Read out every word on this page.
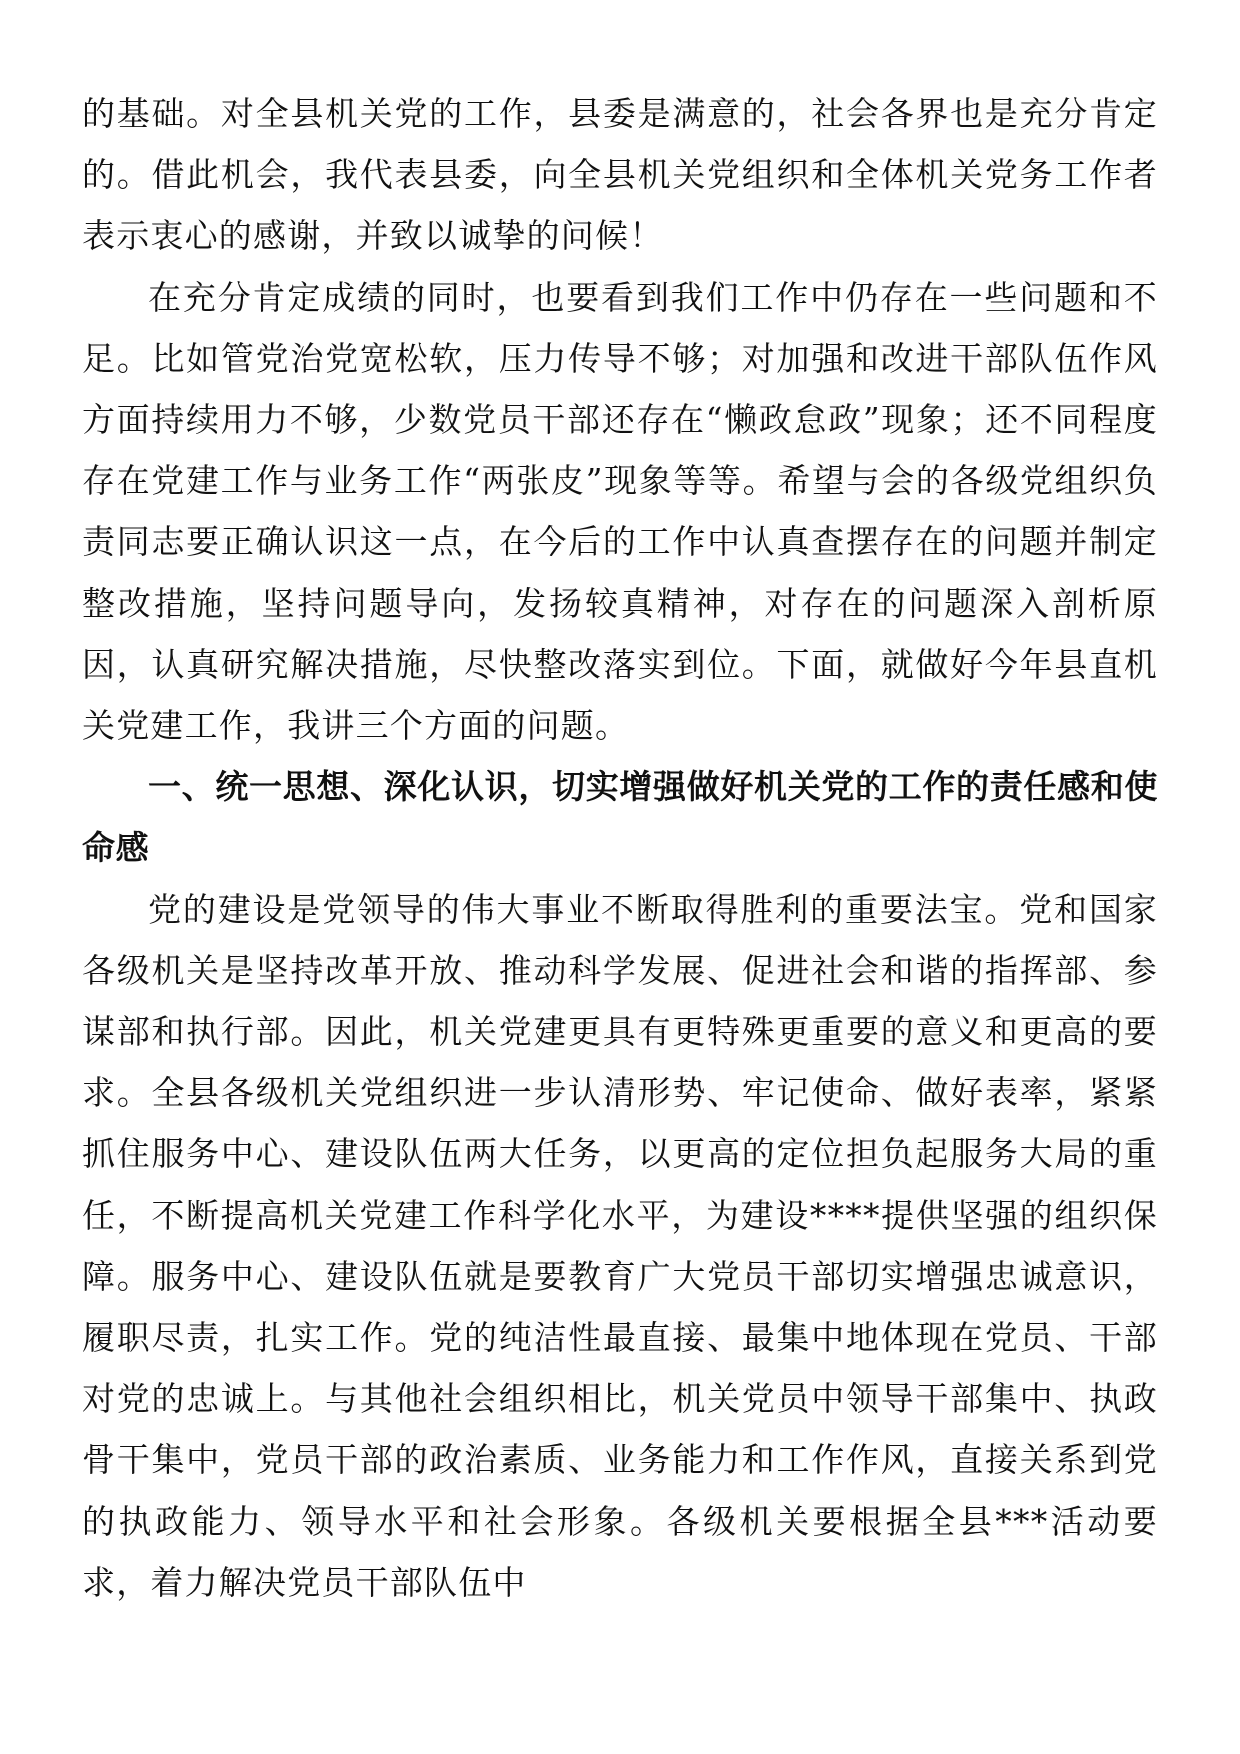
的基础。对全县机关党的工作，县委是满意的，社会各界也是充分肯定的。借此机会，我代表县委，向全县机关党组织和全体机关党务工作者表示衷心的感谢，并致以诚挚的问候！

在充分肯定成绩的同时，也要看到我们工作中仍存在一些问题和不足。比如管党治党宽松软，压力传导不够；对加强和改进干部队伍作风方面持续用力不够，少数党员干部还存在“懒政怠政”现象；还不同程度存在党建工作与业务工作“两张皮”现象等等。希望与会的各级党组织负责同志要正确认识这一点，在今后的工作中认真查摆存在的问题并制定整改措施，坚持问题导向，发扬较真精神，对存在的问题深入剖析原因，认真研究解决措施，尽快整改落实到位。下面，就做好今年县直机关党建工作，我讲三个方面的问题。

一、统一思想、深化认识，切实增强做好机关党的工作的责任感和使命感

党的建设是党领导的伟大事业不断取得胜利的重要法宝。党和国家各级机关是坚持改革开放、推动科学发展、促进社会和谐的指挥部、参谋部和执行部。因此，机关党建更具有更特殊更重要的意义和更高的要求。全县各级机关党组织进一步认清形势、牢记使命、做好表率，紧紧抓住服务中心、建设队伍两大任务，以更高的定位担负起服务大局的重任，不断提高机关党建工作科学化水平，为建设****提供坚强的组织保障。服务中心、建设队伍就是要教育广大党员干部切实增强忠诚意识，履职尽责，扎实工作。党的纯洁性最直接、最集中地体现在党员、干部对党的忠诚上。与其他社会组织相比，机关党员中领导干部集中、执政骨干集中，党员干部的政治素质、业务能力和工作作风，直接关系到党的执政能力、领导水平和社会形象。各级机关要根据全县***活动要求，着力解决党员干部队伍中
